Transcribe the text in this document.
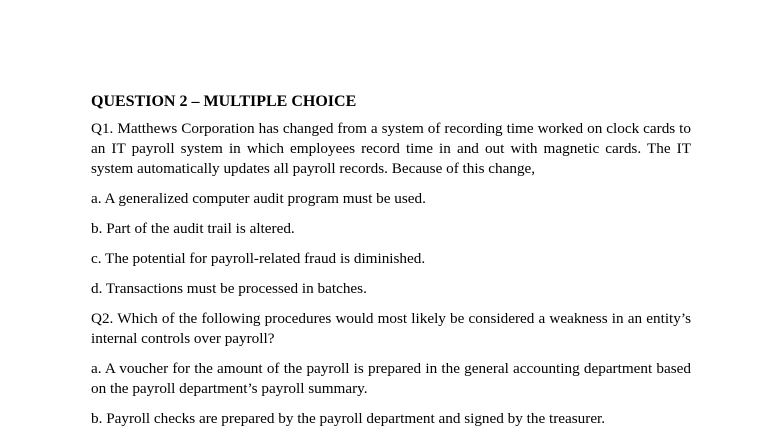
QUESTION 2 – MULTIPLE CHOICE
Q1. Matthews Corporation has changed from a system of recording time worked on clock cards to an IT payroll system in which employees record time in and out with magnetic cards. The IT system automatically updates all payroll records. Because of this change,
a. A generalized computer audit program must be used.
b. Part of the audit trail is altered.
c. The potential for payroll-related fraud is diminished.
d. Transactions must be processed in batches.
Q2. Which of the following procedures would most likely be considered a weakness in an entity’s internal controls over payroll?
a. A voucher for the amount of the payroll is prepared in the general accounting department based on the payroll department’s payroll summary.
b. Payroll checks are prepared by the payroll department and signed by the treasurer.
